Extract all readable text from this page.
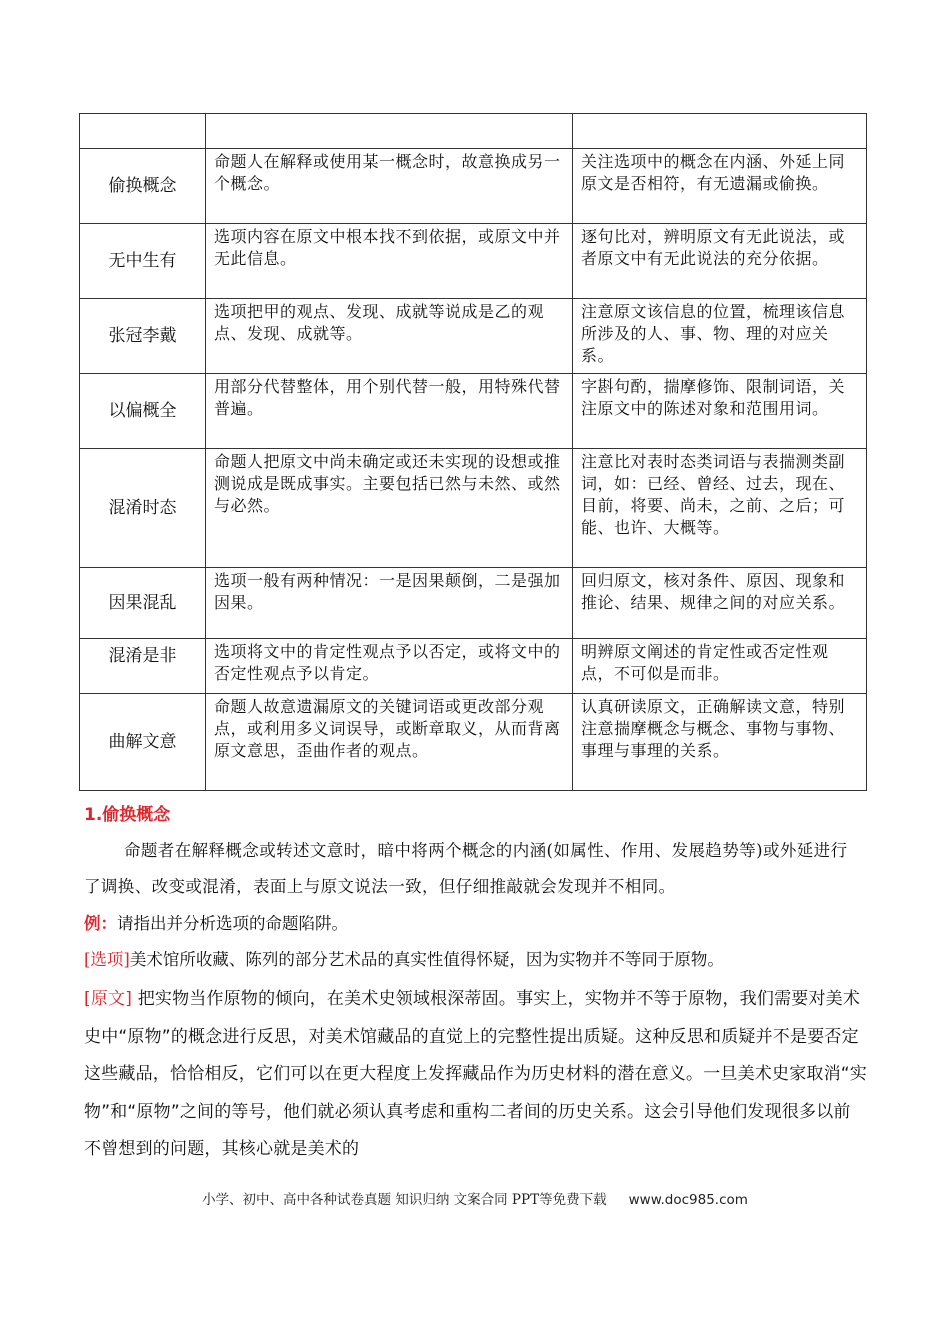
偷换概念	命题人在解释或使用某一概念时，故意换成另一个概念。	关注选项中的概念在内涵、外延上同原文是否相符，有无遗漏或偷换。
无中生有	选项内容在原文中根本找不到依据，或原文中并无此信息。	逐句比对，辨明原文有无此说法，或者原文中有无此说法的充分依据。
张冠李戴	选项把甲的观点、发现、成就等说成是乙的观点、发现、成就等。	注意原文该信息的位置，梳理该信息所涉及的人、事、物、理的对应关系。
以偏概全	用部分代替整体，用个别代替一般，用特殊代替普遍。	字斟句酌，揣摩修饰、限制词语，关注原文中的陈述对象和范围用词。
混淆时态	命题人把原文中尚未确定或还未实现的设想或推测说成是既成事实。主要包括已然与未然、或然与必然。	注意比对表时态类词语与表揣测类副词，如：已经、曾经、过去，现在、目前，将要、尚未，之前、之后；可能、也许、大概等。
因果混乱	选项一般有两种情况：一是因果颠倒，二是强加因果。	回归原文，核对条件、原因、现象和推论、结果、规律之间的对应关系。
混淆是非	选项将文中的肯定性观点予以否定，或将文中的否定性观点予以肯定。	明辨原文阐述的肯定性或否定性观点，不可似是而非。
曲解文意	命题人故意遗漏原文的关键词语或更改部分观点，或利用多义词误导，或断章取义，从而背离原文意思，歪曲作者的观点。	认真研读原文，正确解读文意，特别注意揣摩概念与概念、事物与事物、事理与事理的关系。
1.偷换概念
命题者在解释概念或转述文意时，暗中将两个概念的内涵(如属性、作用、发展趋势等)或外延进行了调换、改变或混淆，表面上与原文说法一致，但仔细推敲就会发现并不相同。
例：请指出并分析选项的命题陷阱。
[选项]美术馆所收藏、陈列的部分艺术品的真实性值得怀疑，因为实物并不等同于原物。
[原文] 把实物当作原物的倾向，在美术史领域根深蒂固。事实上，实物并不等于原物，我们需要对美术史中“原物”的概念进行反思，对美术馆藏品的直觉上的完整性提出质疑。这种反思和质疑并不是要否定这些藏品，恰恰相反，它们可以在更大程度上发挥藏品作为历史材料的潜在意义。一旦美术史家取消“实物”和“原物”之间的等号，他们就必须认真考虑和重构二者间的历史关系。这会引导他们发现很多以前不曾想到的问题，其核心就是美术的
小学、初中、高中各种试卷真题 知识归纳 文案合同 PPT等免费下载 www.doc985.com
